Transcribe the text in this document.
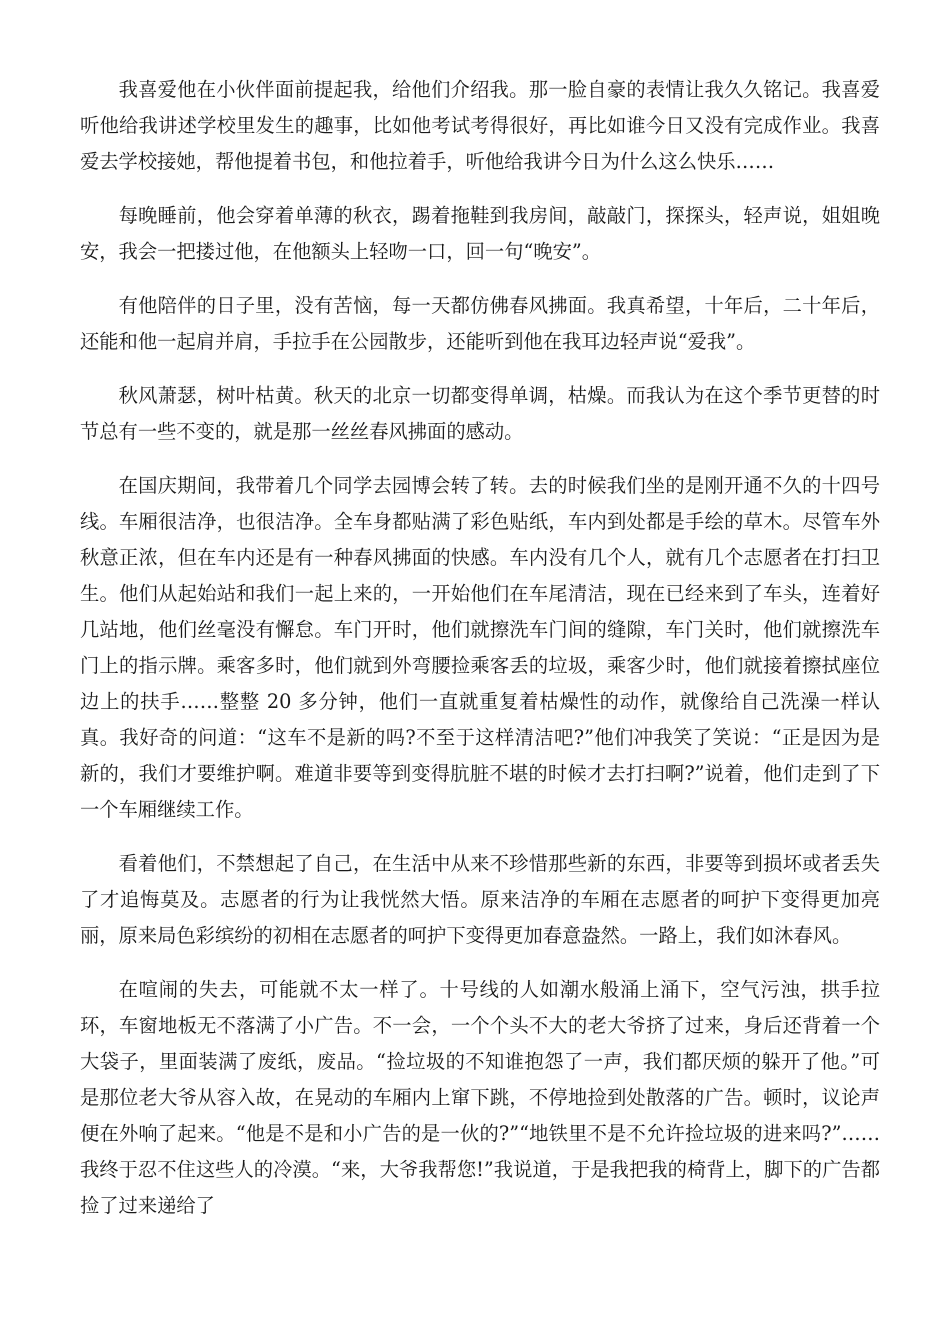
我喜爱他在小伙伴面前提起我，给他们介绍我。那一脸自豪的表情让我久久铭记。我喜爱听他给我讲述学校里发生的趣事，比如他考试考得很好，再比如谁今日又没有完成作业。我喜爱去学校接她，帮他提着书包，和他拉着手，听他给我讲今日为什么这么快乐……

每晚睡前，他会穿着单薄的秋衣，踢着拖鞋到我房间，敲敲门，探探头，轻声说，姐姐晚安，我会一把搂过他，在他额头上轻吻一口，回一句“晚安”。

有他陪伴的日子里，没有苦恼，每一天都仿佛春风拂面。我真希望，十年后，二十年后，还能和他一起肩并肩，手拉手在公园散步，还能听到他在我耳边轻声说“爱我”。

秋风萧瑟，树叶枯黄。秋天的北京一切都变得单调，枯燥。而我认为在这个季节更替的时节总有一些不变的，就是那一丝丝春风拂面的感动。

在国庆期间，我带着几个同学去园博会转了转。去的时候我们坐的是刚开通不久的十四号线。车厢很洁净，也很洁净。全车身都贴满了彩色贴纸，车内到处都是手绘的草木。尽管车外秋意正浓，但在车内还是有一种春风拂面的快感。车内没有几个人，就有几个志愿者在打扫卫生。他们从起始站和我们一起上来的，一开始他们在车尾清洁，现在已经来到了车头，连着好几站地，他们丝毫没有懈怠。车门开时，他们就擦洗车门间的缝隙，车门关时，他们就擦洗车门上的指示牌。乘客多时，他们就到外弯腰捡乘客丢的垃圾，乘客少时，他们就接着擦拭座位边上的扶手……整整 20 多分钟，他们一直就重复着枯燥性的动作，就像给自己洗澡一样认真。我好奇的问道：“这车不是新的吗?不至于这样清洁吧?”他们冲我笑了笑说：“正是因为是新的，我们才要维护啊。难道非要等到变得肮脏不堪的时候才去打扫啊?”说着，他们走到了下一个车厢继续工作。

看着他们，不禁想起了自己，在生活中从来不珍惜那些新的东西，非要等到损坏或者丢失了才追悔莫及。志愿者的行为让我恍然大悟。原来洁净的车厢在志愿者的呵护下变得更加亮丽，原来局色彩缤纷的初相在志愿者的呵护下变得更加春意盎然。一路上，我们如沐春风。

在喧闹的失去，可能就不太一样了。十号线的人如潮水般涌上涌下，空气污浊，拱手拉环，车窗地板无不落满了小广告。不一会，一个个头不大的老大爷挤了过来，身后还背着一个大袋子，里面装满了废纸，废品。“捡垃圾的不知谁抱怨了一声，我们都厌烦的躲开了他。”可是那位老大爷从容入故，在晃动的车厢内上窜下跳，不停地捡到处散落的广告。顿时，议论声便在外响了起来。“他是不是和小广告的是一伙的?”“地铁里不是不允许捡垃圾的进来吗?”……我终于忍不住这些人的冷漠。“来，大爷我帮您!”我说道，于是我把我的椅背上，脚下的广告都捡了过来递给了
